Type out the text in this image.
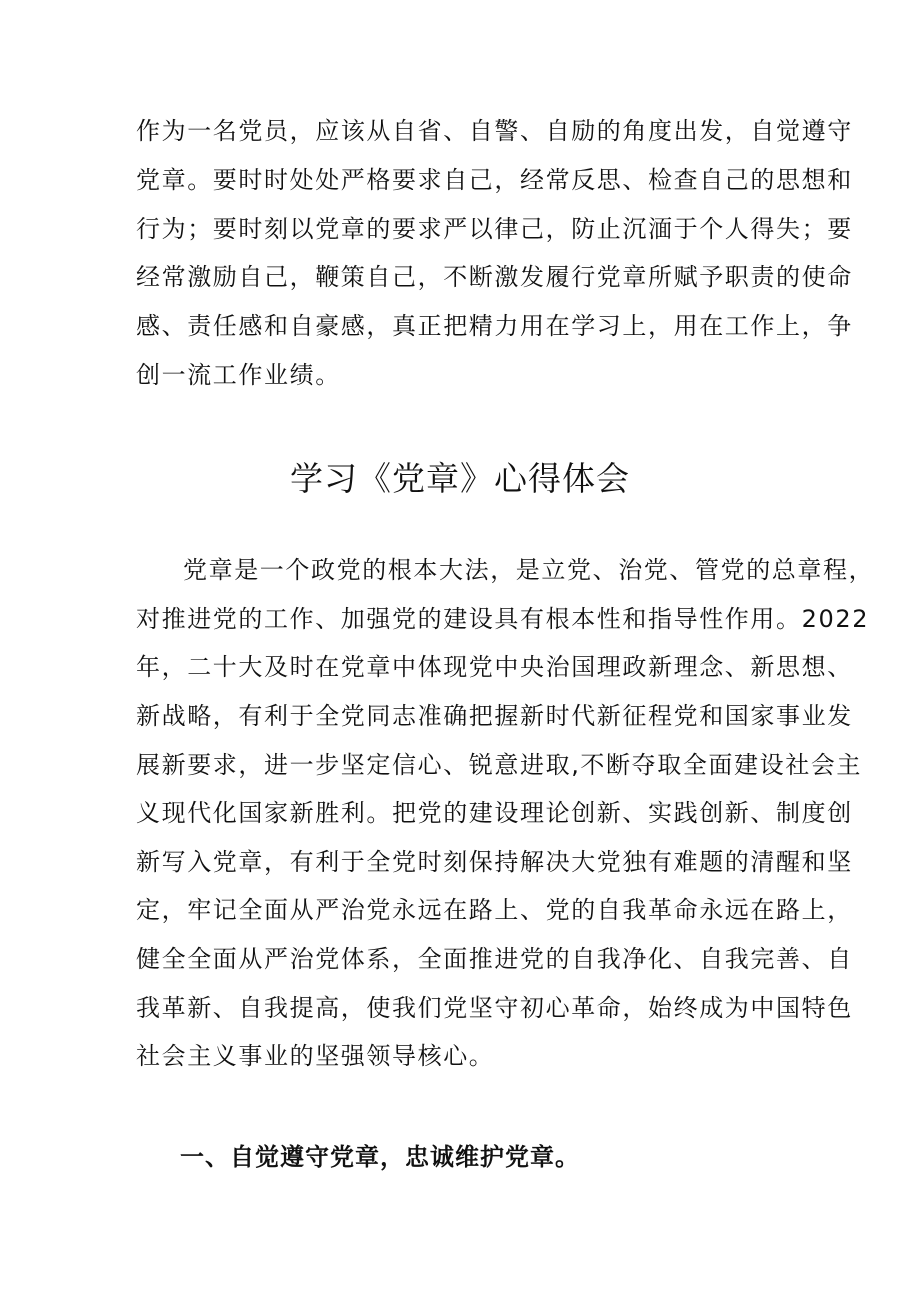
作为一名党员，应该从自省、自警、自励的角度出发，自觉遵守
党章。要时时处处严格要求自己，经常反思、检查自己的思想和
行为；要时刻以党章的要求严以律己，防止沉湎于个人得失；要
经常激励自己，鞭策自己，不断激发履行党章所赋予职责的使命
感、责任感和自豪感，真正把精力用在学习上，用在工作上，争
创一流工作业绩。
学习《党章》心得体会
党章是一个政党的根本大法，是立党、治党、管党的总章程，
对推进党的工作、加强党的建设具有根本性和指导性作用。2022
年，二十大及时在党章中体现党中央治国理政新理念、新思想、
新战略，有利于全党同志准确把握新时代新征程党和国家事业发
展新要求，进一步坚定信心、锐意进取,不断夺取全面建设社会主
义现代化国家新胜利。把党的建设理论创新、实践创新、制度创
新写入党章，有利于全党时刻保持解决大党独有难题的清醒和坚
定，牢记全面从严治党永远在路上、党的自我革命永远在路上，
健全全面从严治党体系，全面推进党的自我净化、自我完善、自
我革新、自我提高，使我们党坚守初心革命，始终成为中国特色
社会主义事业的坚强领导核心。
一、自觉遵守党章，忠诚维护党章。
